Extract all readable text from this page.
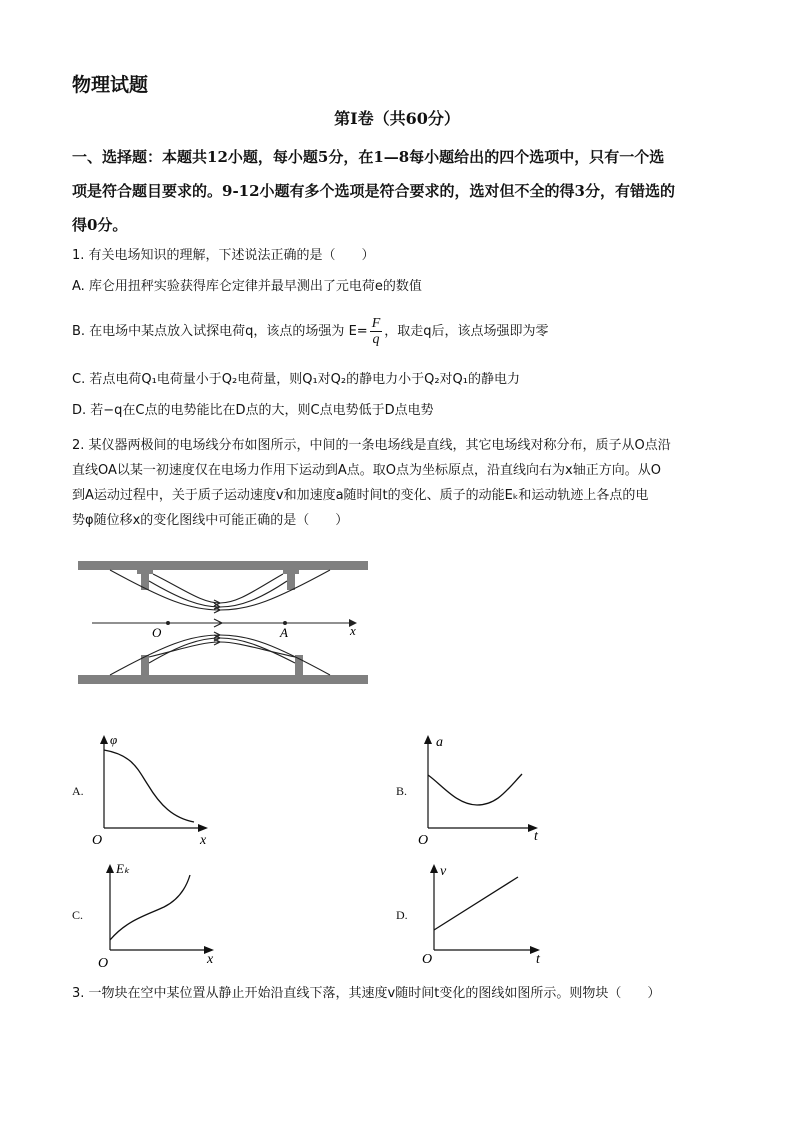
物理试题
第Ⅰ卷（共60分）
一、选择题：本题共12小题，每小题5分，在1—8每小题给出的四个选项中，只有一个选
项是符合题目要求的。9-12小题有多个选项是符合要求的，选对但不全的得3分，有错选的
得0分。
1. 有关电场知识的理解，下述说法正确的是（　　）
A. 库仑用扭秤实验获得库仑定律并最早测出了元电荷e的数值
B. 在电场中某点放入试探电荷q，该点的场强为 $E= \frac{F}{q}$ ，取走q后，该点场强即为零
C. 若点电荷Q₁电荷量小于Q₂电荷量，则Q₁对Q₂的静电力小于Q₂对Q₁的静电力
D. 若−q在C点的电势能比在D点的大，则C点电势低于D点电势
2. 某仪器两极间的电场线分布如图所示，中间的一条电场线是直线，其它电场线对称分布，质子从O点沿
直线OA以某一初速度仅在电场力作用下运动到A点。取O点为坐标原点，沿直线向右为x轴正方向。从O
到A运动过程中，关于质子运动速度v和加速度a随时间t的变化、质子的动能Eₖ和运动轨迹上各点的电
势φ随位移x的变化图线中可能正确的是（　　）
O	A	x
A.
φ
x
O
B.
a
t
O
C.
Eₖ
x
O
D.
v
t
O
3. 一物块在空中某位置从静止开始沿直线下落，其速度v随时间t变化的图线如图所示。则物块（　　）
